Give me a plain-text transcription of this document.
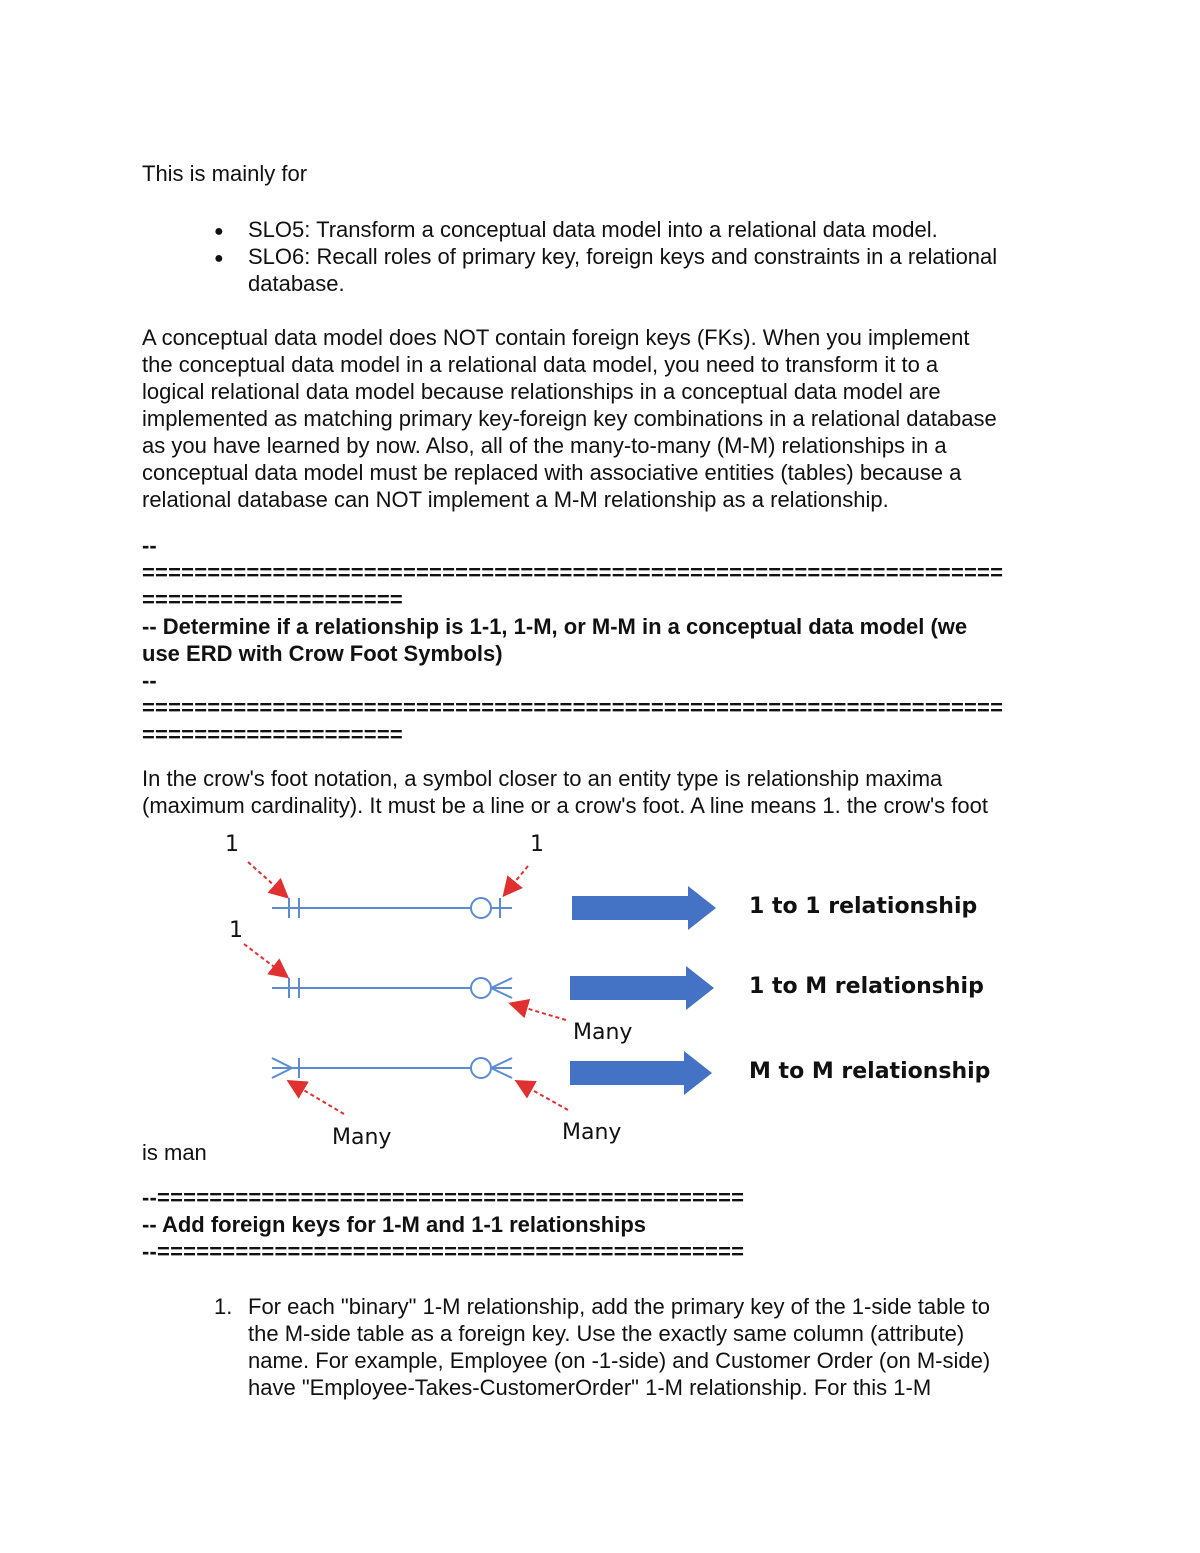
This is mainly for
● SLO5: Transform a conceptual data model into a relational data model.
● SLO6: Recall roles of primary key, foreign keys and constraints in a relational
database.
A conceptual data model does NOT contain foreign keys (FKs). When you implement
the conceptual data model in a relational data model, you need to transform it to a
logical relational data model because relationships in a conceptual data model are
implemented as matching primary key-foreign key combinations in a relational database
as you have learned by now. Also, all of the many-to-many (M-M) relationships in a
conceptual data model must be replaced with associative entities (tables) because a
relational database can NOT implement a M-M relationship as a relationship.
--
==================================================================
====================
-- Determine if a relationship is 1-1, 1-M, or M-M in a conceptual data model (we
use ERD with Crow Foot Symbols)
--
==================================================================
====================
In the crow's foot notation, a symbol closer to an entity type is relationship maxima
(maximum cardinality). It must be a line or a crow's foot. A line means 1. the crow's foot
1	1
1
Many
Many	Many
1 to 1 relationship
1 to M relationship
M to M relationship
is man
--=============================================
-- Add foreign keys for 1-M and 1-1 relationships
--=============================================
1. For each "binary" 1-M relationship, add the primary key of the 1-side table to
the M-side table as a foreign key. Use the exactly same column (attribute)
name. For example, Employee (on -1-side) and Customer Order (on M-side)
have "Employee-Takes-CustomerOrder" 1-M relationship. For this 1-M
